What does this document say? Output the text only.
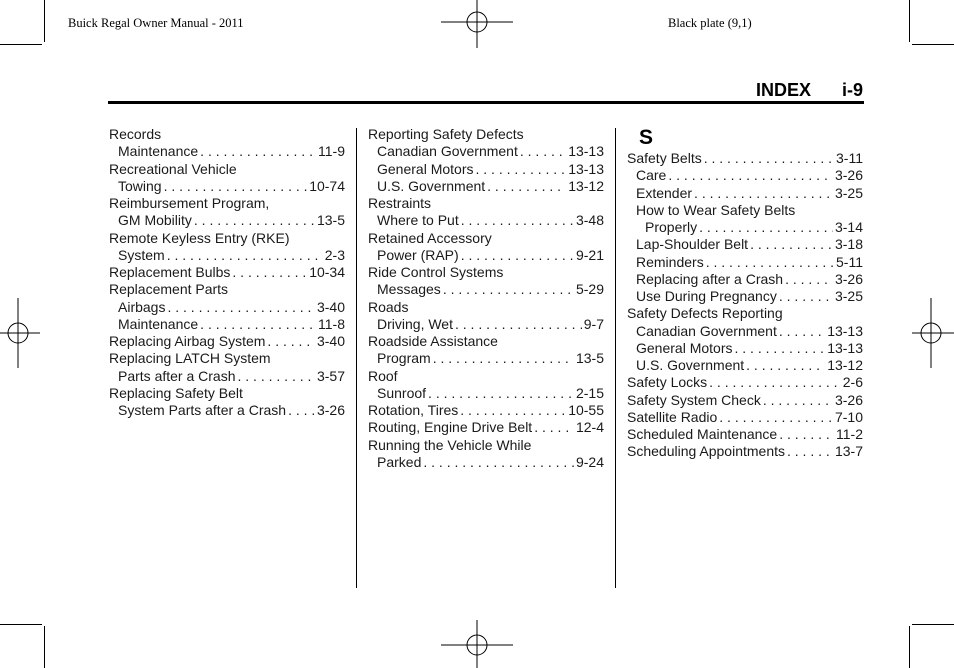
Buick Regal Owner Manual - 2011	Black plate (9,1)
INDEX i-9
Records
Maintenance . . .	11-9
Recreational Vehicle
Towing . . .	10-74
Reimbursement Program,
GM Mobility . . .	13-5
Remote Keyless Entry (RKE)
System . . .	2-3
Replacement Bulbs . . .	10-34
Replacement Parts
Airbags . . .	3-40
Maintenance . . .	11-8
Replacing Airbag System . . .	3-40
Replacing LATCH System
Parts after a Crash . . .	3-57
Replacing Safety Belt
System Parts after a Crash . . . 3-26
Reporting Safety Defects
Canadian Government . . .	13-13
General Motors . . .	13-13
U.S. Government . . .	13-12
Restraints
Where to Put . . .	3-48
Retained Accessory
Power (RAP) . . .	9-21
Ride Control Systems
Messages . . .	5-29
Roads
Driving, Wet . . .	9-7
Roadside Assistance
Program . . .	13-5
Roof
Sunroof . . .	2-15
Rotation, Tires . . .	10-55
Routing, Engine Drive Belt . . .	12-4
Running the Vehicle While
Parked . . .	9-24
S
Safety Belts . . .	3-11
Care . . .	3-26
Extender . . .	3-25
How to Wear Safety Belts
Properly . . .	3-14
Lap-Shoulder Belt . . .	3-18
Reminders . . .	5-11
Replacing after a Crash . . .	3-26
Use During Pregnancy . . .	3-25
Safety Defects Reporting
Canadian Government . . .	13-13
General Motors . . .	13-13
U.S. Government . . .	13-12
Safety Locks . . .	2-6
Safety System Check . . .	3-26
Satellite Radio . . .	7-10
Scheduled Maintenance . . .	11-2
Scheduling Appointments . . .	13-7
